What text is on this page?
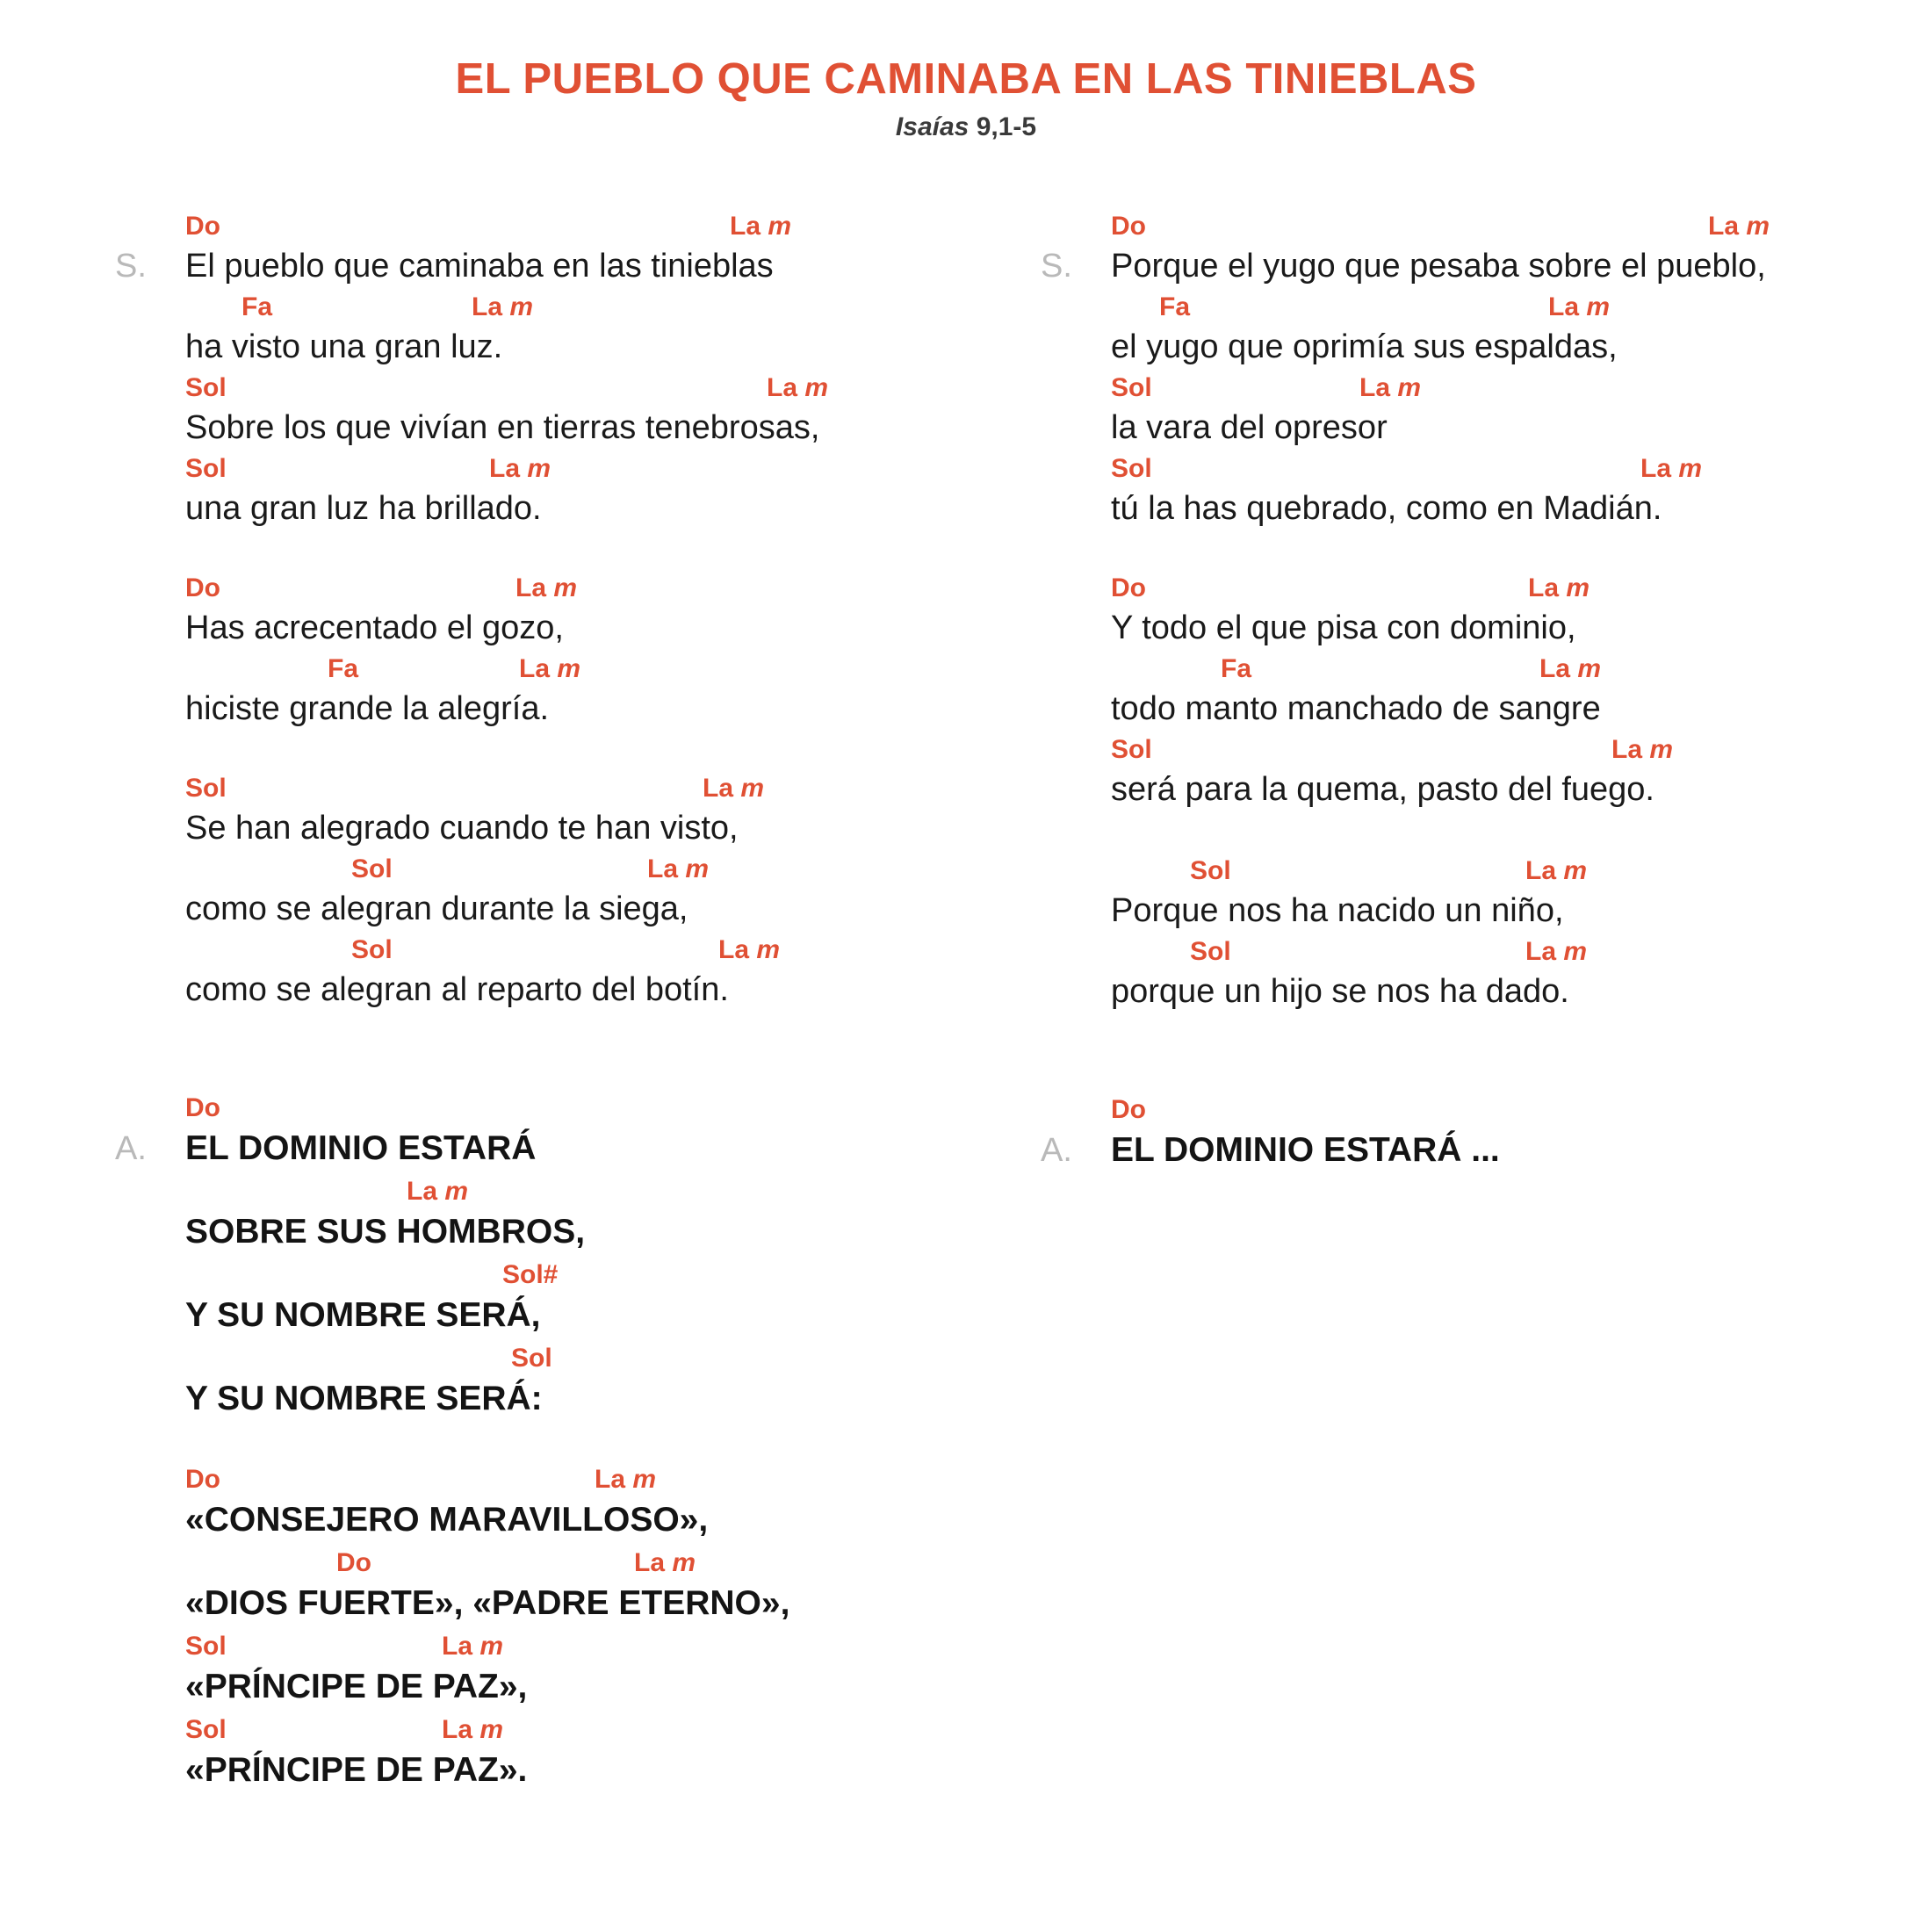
EL PUEBLO QUE CAMINABA EN LAS TINIEBLAS
Isaías 9,1-5
Do	La m
S. El pueblo que caminaba en las tinieblas
Fa	La m
ha visto una gran luz.
Sol	La m
Sobre los que vivían en tierras tenebrosas,
Sol	La m
una gran luz ha brillado.
Do	La m
Has acrecentado el gozo,
Fa	La m
hiciste grande la alegría.
Sol	La m
Se han alegrado cuando te han visto,
Sol	La m
como se alegran durante la siega,
Sol	La m
como se alegran al reparto del botín.
Do
A. EL DOMINIO ESTARÁ
La m
SOBRE SUS HOMBROS,
Sol#
Y SU NOMBRE SERÁ,
Sol
Y SU NOMBRE SERÁ:
Do	La m
«CONSEJERO MARAVILLOSO»,
Do	La m
«DIOS FUERTE», «PADRE ETERNO»,
Sol	La m
«PRÍNCIPE DE PAZ»,
Sol	La m
«PRÍNCIPE DE PAZ».
Do	La m
S. Porque el yugo que pesaba sobre el pueblo,
Fa	La m
el yugo que oprimía sus espaldas,
Sol	La m
la vara del opresor
Sol	La m
tú la has quebrado, como en Madián.
Do	La m
Y todo el que pisa con dominio,
Fa	La m
todo manto manchado de sangre
Sol	La m
será para la quema, pasto del fuego.
Sol	La m
Porque nos ha nacido un niño,
Sol	La m
porque un hijo se nos ha dado.
Do
A. EL DOMINIO ESTARÁ ...
